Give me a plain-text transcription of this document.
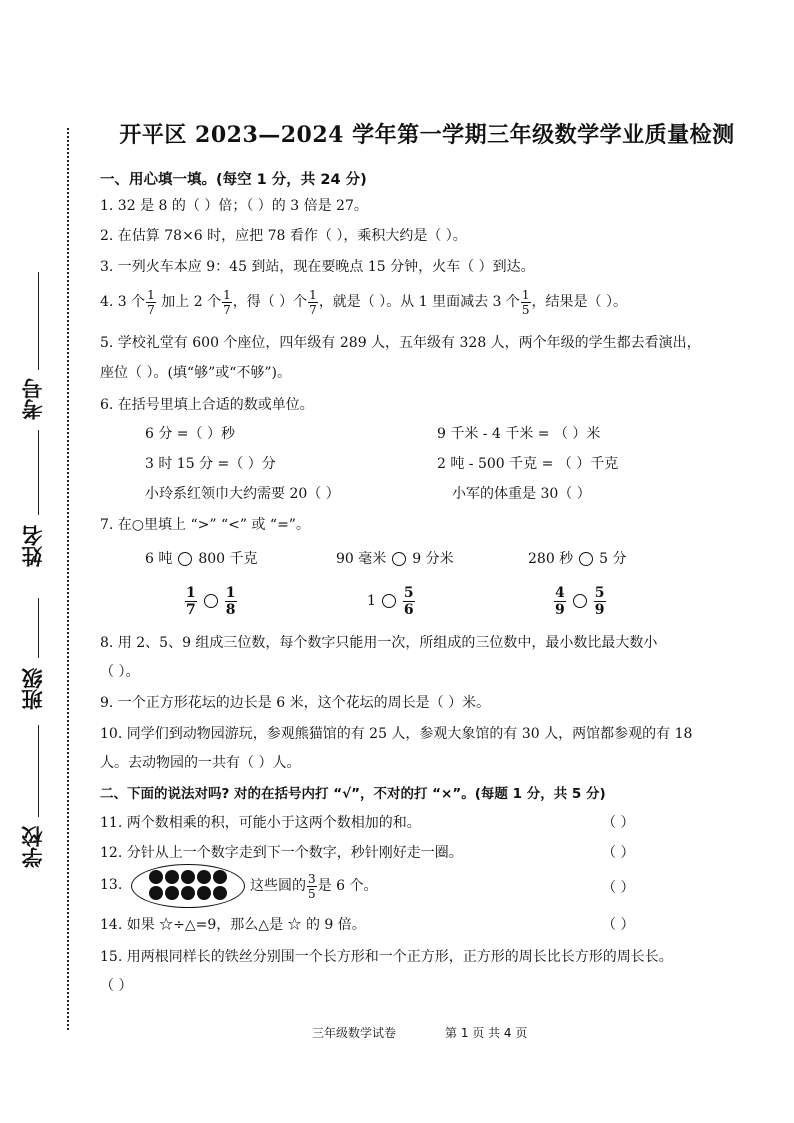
学校
班级
姓名
考号
开平区 2023—2024 学年第一学期三年级数学学业质量检测
一、用心填一填。(每空 1 分，共 24 分)
1. 32 是 8 的（ ）倍；（ ）的 3 倍是 27。
2. 在估算 78×6 时，应把 78 看作（ ），乘积大约是（ ）。
3. 一列火车本应 9：45 到站，现在要晚点 15 分钟，火车（ ）到达。
4. 3 个 $\frac{1}{7}$ 加上 2 个 $\frac{1}{7}$ ，得（ ）个 $\frac{1}{7}$ ，就是（ ）。从 1 里面减去 3 个 $\frac{1}{5}$ ，结果是（ ）。
5. 学校礼堂有 600 个座位，四年级有 289 人，五年级有 328 人，两个年级的学生都去看演出，
座位（ ）。(填“够”或“不够”)。
6. 在括号里填上合适的数或单位。
6 分 =（ ）秒	9 千米 - 4 千米 = （ ）米
3 时 15 分 =（ ）分	2 吨 - 500 千克 = （ ）千克
小玲系红领巾大约需要 20（ ）	小军的体重是 30（ ）
7. 在○里填上 “>” “<” 或 “=”。
6 吨 800 千克	90 毫米 9 分米	280 秒 5 分
$\frac{1}{7} \frac{1}{8}$	$1 \frac{5}{6}$	$\frac{4}{9} \frac{5}{9}$
8. 用 2、5、9 组成三位数，每个数字只能用一次，所组成的三位数中，最小数比最大数小
（ ）。
9. 一个正方形花坛的边长是 6 米，这个花坛的周长是（ ）米。
10. 同学们到动物园游玩，参观熊猫馆的有 25 人，参观大象馆的有 30 人，两馆都参观的有 18
人。去动物园的一共有（ ）人。
二、下面的说法对吗? 对的在括号内打 “√”，不对的打 “×”。(每题 1 分，共 5 分)
11. 两个数相乘的积，可能小于这两个数相加的和。	（ ）
12. 分针从上一个数字走到下一个数字，秒针刚好走一圈。	（ ）
13.	这些圆的 $\frac{3}{5}$ 是 6 个。	（ ）
14. 如果 ☆÷△=9，那么△是 ☆ 的 9 倍。	（ ）
15. 用两根同样长的铁丝分别围一个长方形和一个正方形，正方形的周长比长方形的周长长。
（ ）
三年级数学试卷	第 1 页 共 4 页
